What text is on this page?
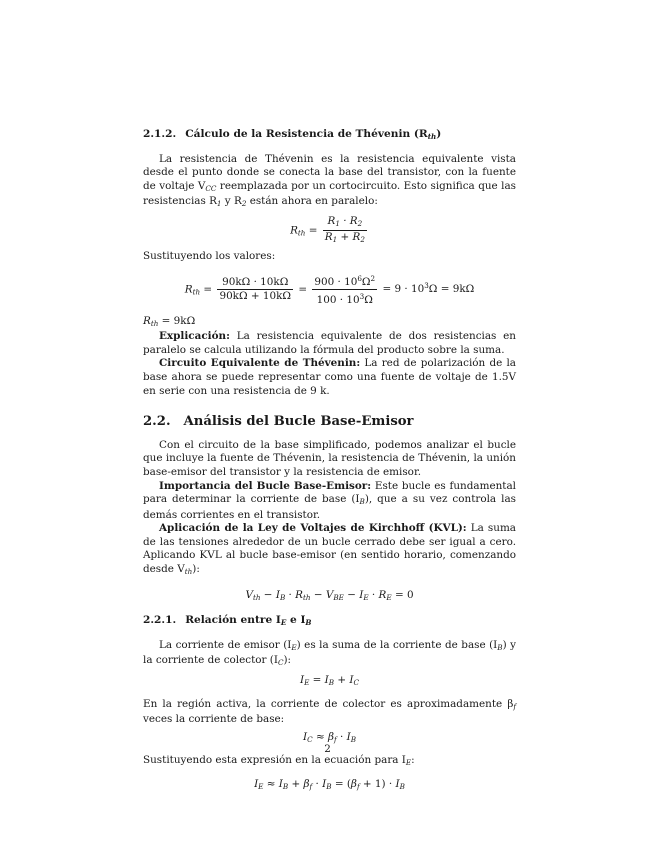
2.1.2. Cálculo de la Resistencia de Thévenin $(R_{th})$

La resistencia de Thévenin es la resistencia equivalente vista desde el punto donde se conecta la base del transistor, con la fuente de voltaje $V_{CC}$ reemplazada por un cortocircuito. Esto significa que las resistencias $R_1$ y $R_2$ están ahora en paralelo:

$R_{th} = \frac{R_1 \cdot R_2}{R_1 + R_2}$

Sustituyendo los valores:

$R_{th} = \frac{90k\Omega \cdot 10k\Omega}{90k\Omega + 10k\Omega} = \frac{900 \cdot 10^6\Omega^2}{100 \cdot 10^3\Omega} = 9 \cdot 10^3\Omega = 9k\Omega$

$R_{th} = 9k\Omega$

Explicación: La resistencia equivalente de dos resistencias en paralelo se calcula utilizando la fórmula del producto sobre la suma.

Circuito Equivalente de Thévenin: La red de polarización de la base ahora se puede representar como una fuente de voltaje de 1.5V en serie con una resistencia de 9 k.

2.2. Análisis del Bucle Base-Emisor

Con el circuito de la base simplificado, podemos analizar el bucle que incluye la fuente de Thévenin, la resistencia de Thévenin, la unión base-emisor del transistor y la resistencia de emisor.

Importancia del Bucle Base-Emisor: Este bucle es fundamental para determinar la corriente de base $(I_B)$, que a su vez controla las demás corrientes en el transistor.

Aplicación de la Ley de Voltajes de Kirchhoff (KVL): La suma de las tensiones alrededor de un bucle cerrado debe ser igual a cero. Aplicando KVL al bucle base-emisor (en sentido horario, comenzando desde $V_{th}$):

$V_{th} - I_B \cdot R_{th} - V_{BE} - I_E \cdot R_E = 0$
2.2.1. Relación entre $I_E$ e $I_B$

La corriente de emisor $(I_E)$ es la suma de la corriente de base $(I_B)$ y la corriente de colector $(I_C)$:

$I_E = I_B + I_C$

En la región activa, la corriente de colector es aproximadamente $\beta_f$ veces la corriente de base:

$I_C \approx \beta_f \cdot I_B$

Sustituyendo esta expresión en la ecuación para $I_E$:

$I_E \approx I_B + \beta_f \cdot I_B = (\beta_f + 1) \cdot I_B$
2
